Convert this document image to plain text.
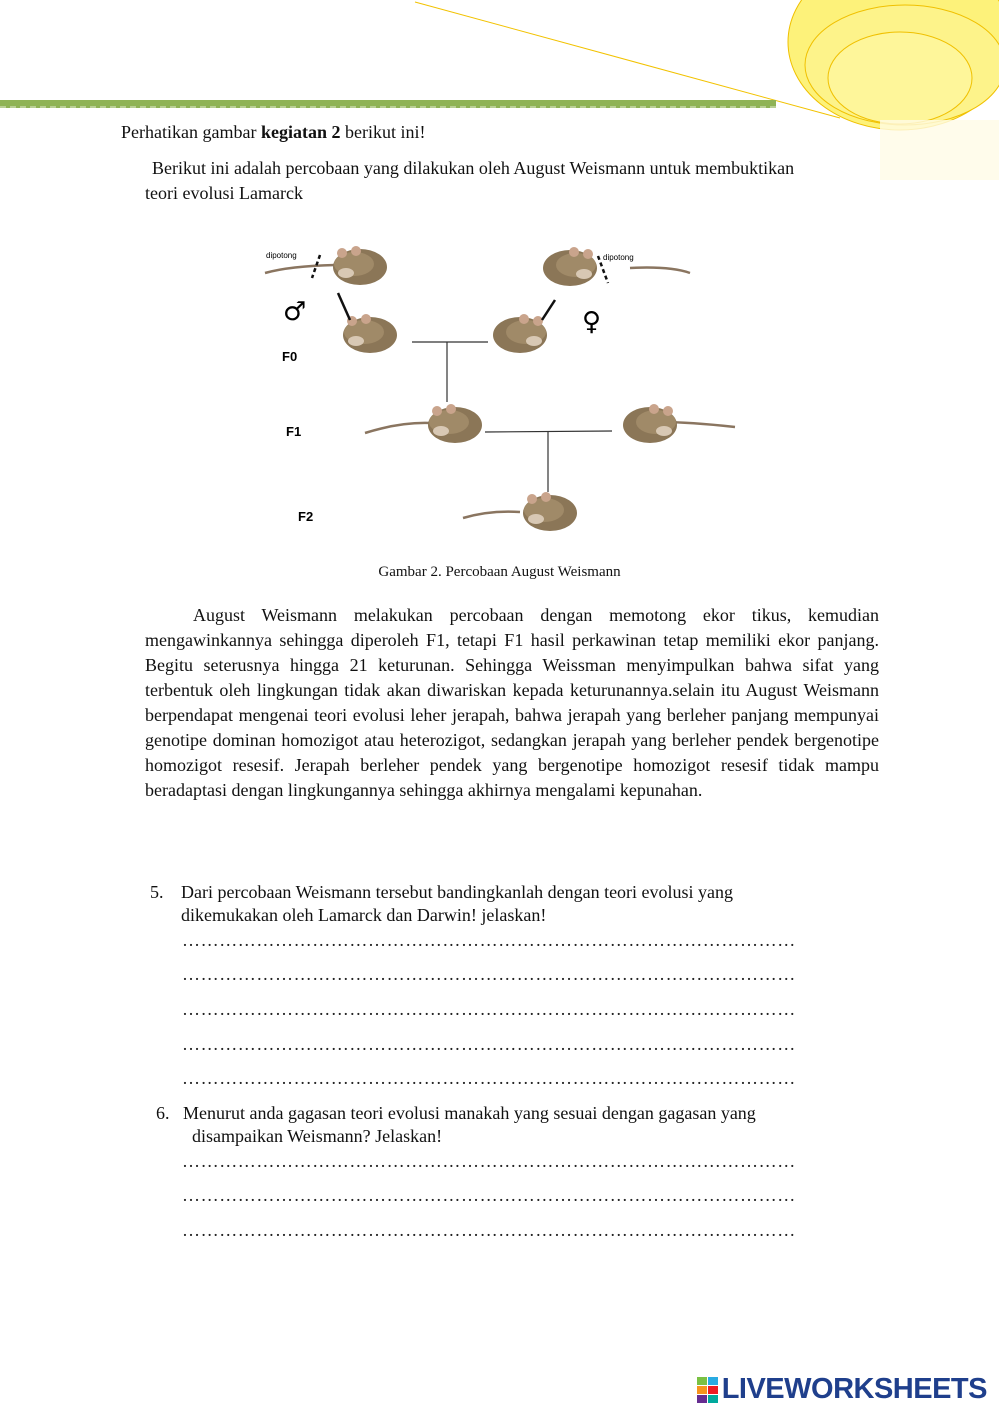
Perhatikan gambar kegiatan 2 berikut ini!
Berikut ini adalah percobaan yang dilakukan oleh August Weismann untuk membuktikan
teori evolusi Lamarck
dipotong	dipotong
♂	♀
F0
F1
F2
Gambar 2. Percobaan August Weismann
August Weismann melakukan percobaan dengan memotong ekor tikus, kemudian mengawinkannya sehingga diperoleh F1, tetapi F1 hasil perkawinan tetap memiliki ekor panjang. Begitu seterusnya hingga 21 keturunan. Sehingga Weissman menyimpulkan bahwa sifat yang terbentuk oleh lingkungan tidak akan diwariskan kepada keturunannya.selain itu August Weismann berpendapat mengenai teori evolusi leher jerapah, bahwa jerapah yang berleher panjang mempunyai genotipe dominan homozigot atau heterozigot, sedangkan jerapah yang berleher pendek bergenotipe homozigot resesif. Jerapah berleher pendek yang bergenotipe homozigot resesif tidak mampu beradaptasi dengan lingkungannya sehingga akhirnya mengalami kepunahan.
5. Dari percobaan Weismann tersebut bandingkanlah dengan teori evolusi yang
dikemukakan oleh Lamarck dan Darwin! jelaskan!
………………………………………………………………………………………
………………………………………………………………………………………
………………………………………………………………………………………
………………………………………………………………………………………
………………………………………………………………………………………
6. Menurut anda gagasan teori evolusi manakah yang sesuai dengan gagasan yang
disampaikan Weismann? Jelaskan!
………………………………………………………………………………………
………………………………………………………………………………………
………………………………………………………………………………………
LIVEWORKSHEETS
